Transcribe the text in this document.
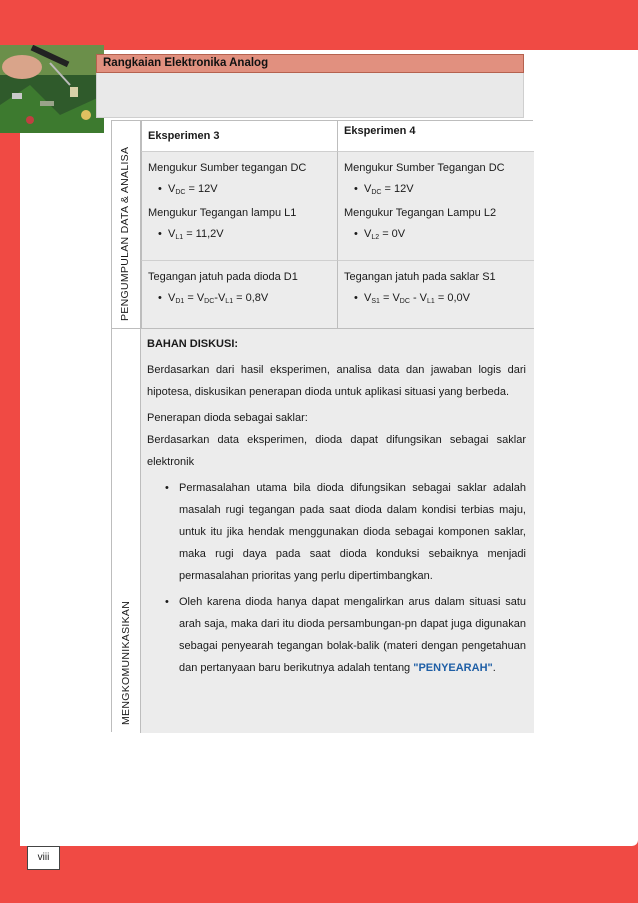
Rangkaian Elektronika Analog
PENGUMPULAN DATA & ANALISA
MENGKOMUNIKASIKAN
Eksperimen 3	Eksperimen 4
Mengukur Sumber tegangan DC
• $V_{DC} = 12V$
Mengukur Tegangan lampu L1
• $V_{L1} = 11,2V$
Mengukur Sumber Tegangan DC
• $V_{DC} = 12V$
Mengukur Tegangan Lampu L2
• $V_{L2} = 0V$
Tegangan jatuh pada dioda D1
• $V_{D1} = V_{DC}-V_{L1} = 0,8V$
Tegangan jatuh pada saklar S1
• $V_{S1} = V_{DC} - V_{L1} = 0,0V$
BAHAN DISKUSI:
Berdasarkan dari hasil eksperimen, analisa data dan jawaban logis dari hipotesa, diskusikan penerapan dioda untuk aplikasi situasi yang berbeda.
Penerapan dioda sebagai saklar:
Berdasarkan data eksperimen, dioda dapat difungsikan sebagai saklar elektronik
• Permasalahan utama bila dioda difungsikan sebagai saklar adalah masalah rugi tegangan pada saat dioda dalam kondisi terbias maju, untuk itu jika hendak menggunakan dioda sebagai komponen saklar, maka rugi daya pada saat dioda konduksi sebaiknya menjadi permasalahan prioritas yang perlu dipertimbangkan.
• Oleh karena dioda hanya dapat mengalirkan arus dalam situasi satu arah saja, maka dari itu dioda persambungan-pn dapat juga digunakan sebagai penyearah tegangan bolak-balik (materi dengan pengetahuan dan pertanyaan baru berikutnya adalah tentang "PENYEARAH".
viii
